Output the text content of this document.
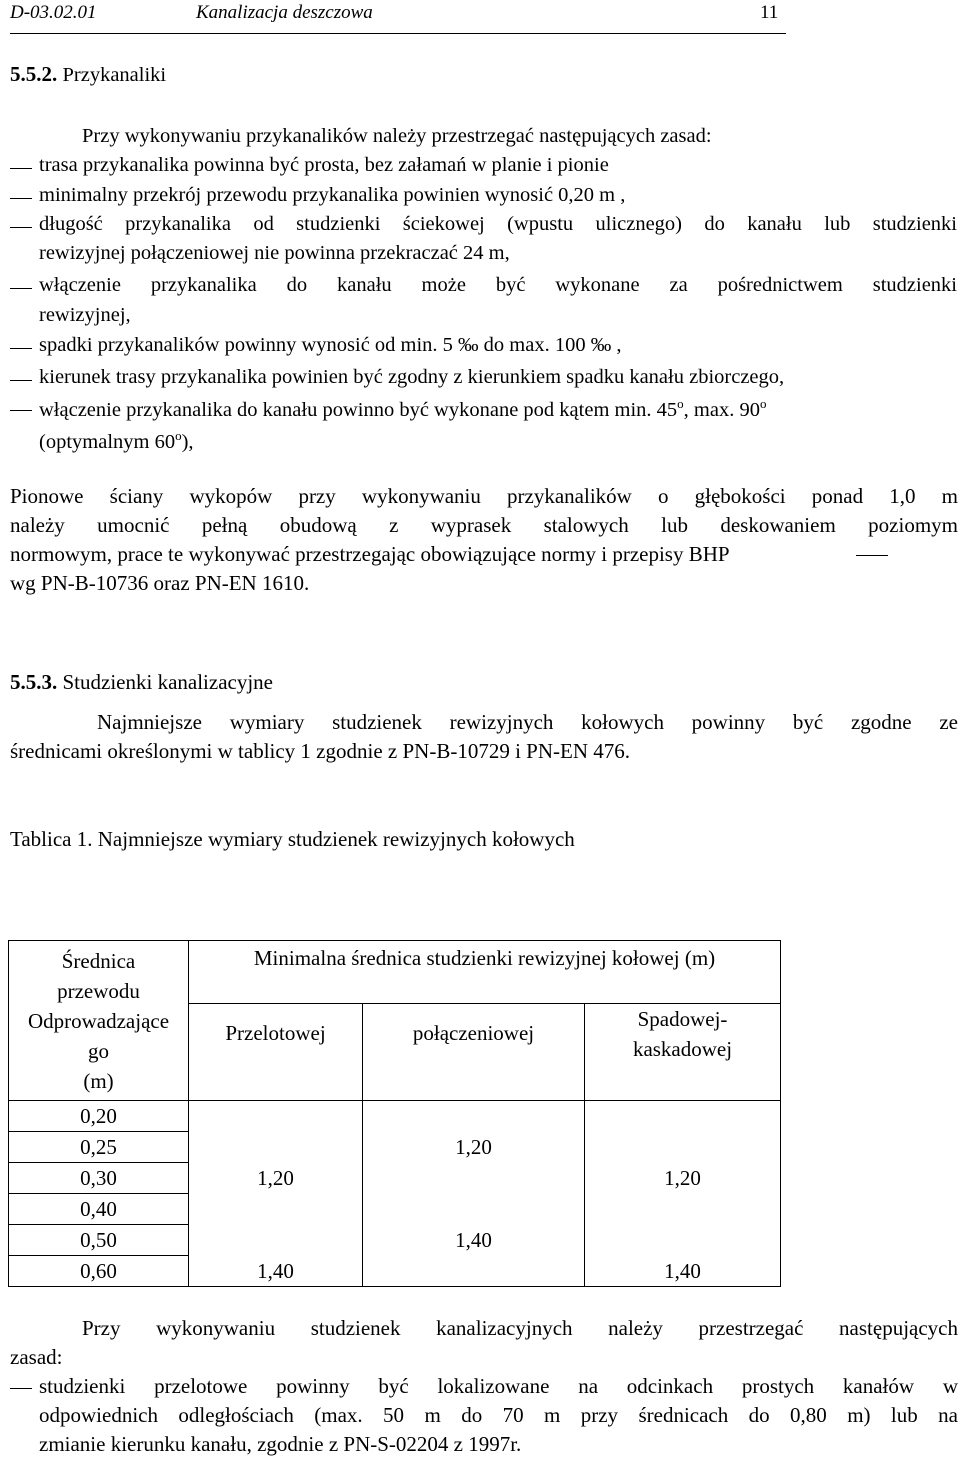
D-03.02.01	Kanalizacja deszczowa	11
5.5.2. Przykanaliki
Przy wykonywaniu przykanalików należy przestrzegać następujących zasad:
trasa przykanalika powinna być prosta, bez załamań w planie i pionie
minimalny przekrój przewodu przykanalika powinien wynosić 0,20 m ,
długość przykanalika od studzienki ściekowej (wpustu ulicznego) do kanału lub studzienki
rewizyjnej połączeniowej nie powinna przekraczać 24 m,
włączenie przykanalika do kanału może być wykonane za pośrednictwem studzienki
rewizyjnej,
spadki przykanalików powinny wynosić od min. 5 ‰ do max. 100 ‰ ,
kierunek trasy przykanalika powinien być zgodny z kierunkiem spadku kanału zbiorczego,
włączenie przykanalika do kanału powinno być wykonane pod kątem min. 45$^o$, max. 90$^o$
(optymalnym 60$^o$),
Pionowe ściany wykopów przy wykonywaniu przykanalików o głębokości ponad 1,0 m
należy umocnić pełną obudową z wyprasek stalowych lub deskowaniem poziomym
normowym, prace te wykonywać przestrzegając obowiązujące normy i przepisy BHP
wg PN-B-10736 oraz PN-EN 1610.
5.5.3. Studzienki kanalizacyjne
Najmniejsze wymiary studzienek rewizyjnych kołowych powinny być zgodne ze
średnicami określonymi w tablicy 1 zgodnie z PN-B-10729 i PN-EN 476.
Tablica 1. Najmniejsze wymiary studzienek rewizyjnych kołowych
Średnica
przewodu
Odprowadzające
go
(m)	Minimalna średnica studzienki rewizyjnej kołowej (m)		
	Przelotowej	połączeniowej	Spadowej-
kaskadowej

0,20			
0,25		1,20	
0,30	1,20		1,20
0,40			
0,50		1,40	
0,60	1,40		1,40
Przy wykonywaniu studzienek kanalizacyjnych należy przestrzegać następujących
zasad:
studzienki przelotowe powinny być lokalizowane na odcinkach prostych kanałów w
odpowiednich odległościach (max. 50 m do 70 m przy średnicach do 0,80 m) lub na
zmianie kierunku kanału, zgodnie z PN-S-02204 z 1997r.
